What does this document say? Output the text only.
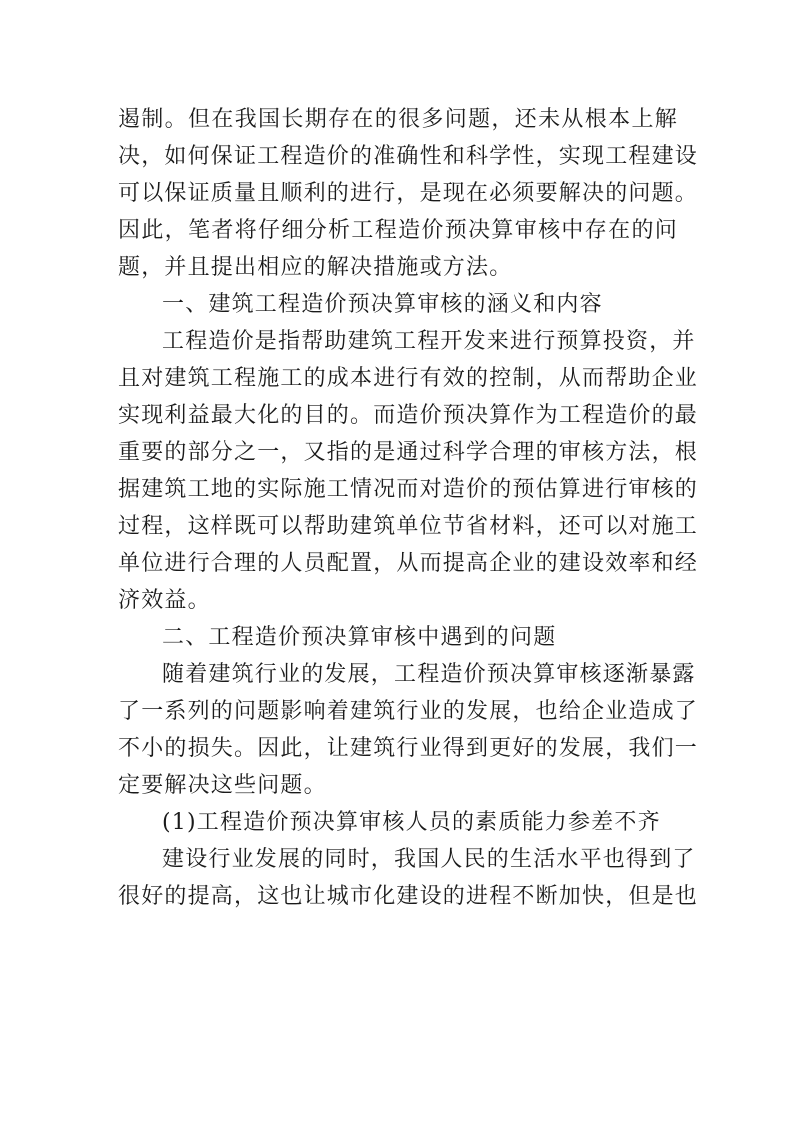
遏制。但在我国长期存在的很多问题，还未从根本上解
决，如何保证工程造价的准确性和科学性，实现工程建设
可以保证质量且顺利的进行，是现在必须要解决的问题。
因此，笔者将仔细分析工程造价预决算审核中存在的问
题，并且提出相应的解决措施或方法。
一、建筑工程造价预决算审核的涵义和内容
工程造价是指帮助建筑工程开发来进行预算投资，并
且对建筑工程施工的成本进行有效的控制，从而帮助企业
实现利益最大化的目的。而造价预决算作为工程造价的最
重要的部分之一，又指的是通过科学合理的审核方法，根
据建筑工地的实际施工情况而对造价的预估算进行审核的
过程，这样既可以帮助建筑单位节省材料，还可以对施工
单位进行合理的人员配置，从而提高企业的建设效率和经
济效益。
二、工程造价预决算审核中遇到的问题
随着建筑行业的发展，工程造价预决算审核逐渐暴露
了一系列的问题影响着建筑行业的发展，也给企业造成了
不小的损失。因此，让建筑行业得到更好的发展，我们一
定要解决这些问题。
(1)工程造价预决算审核人员的素质能力参差不齐
建设行业发展的同时，我国人民的生活水平也得到了
很好的提高，这也让城市化建设的进程不断加快，但是也
